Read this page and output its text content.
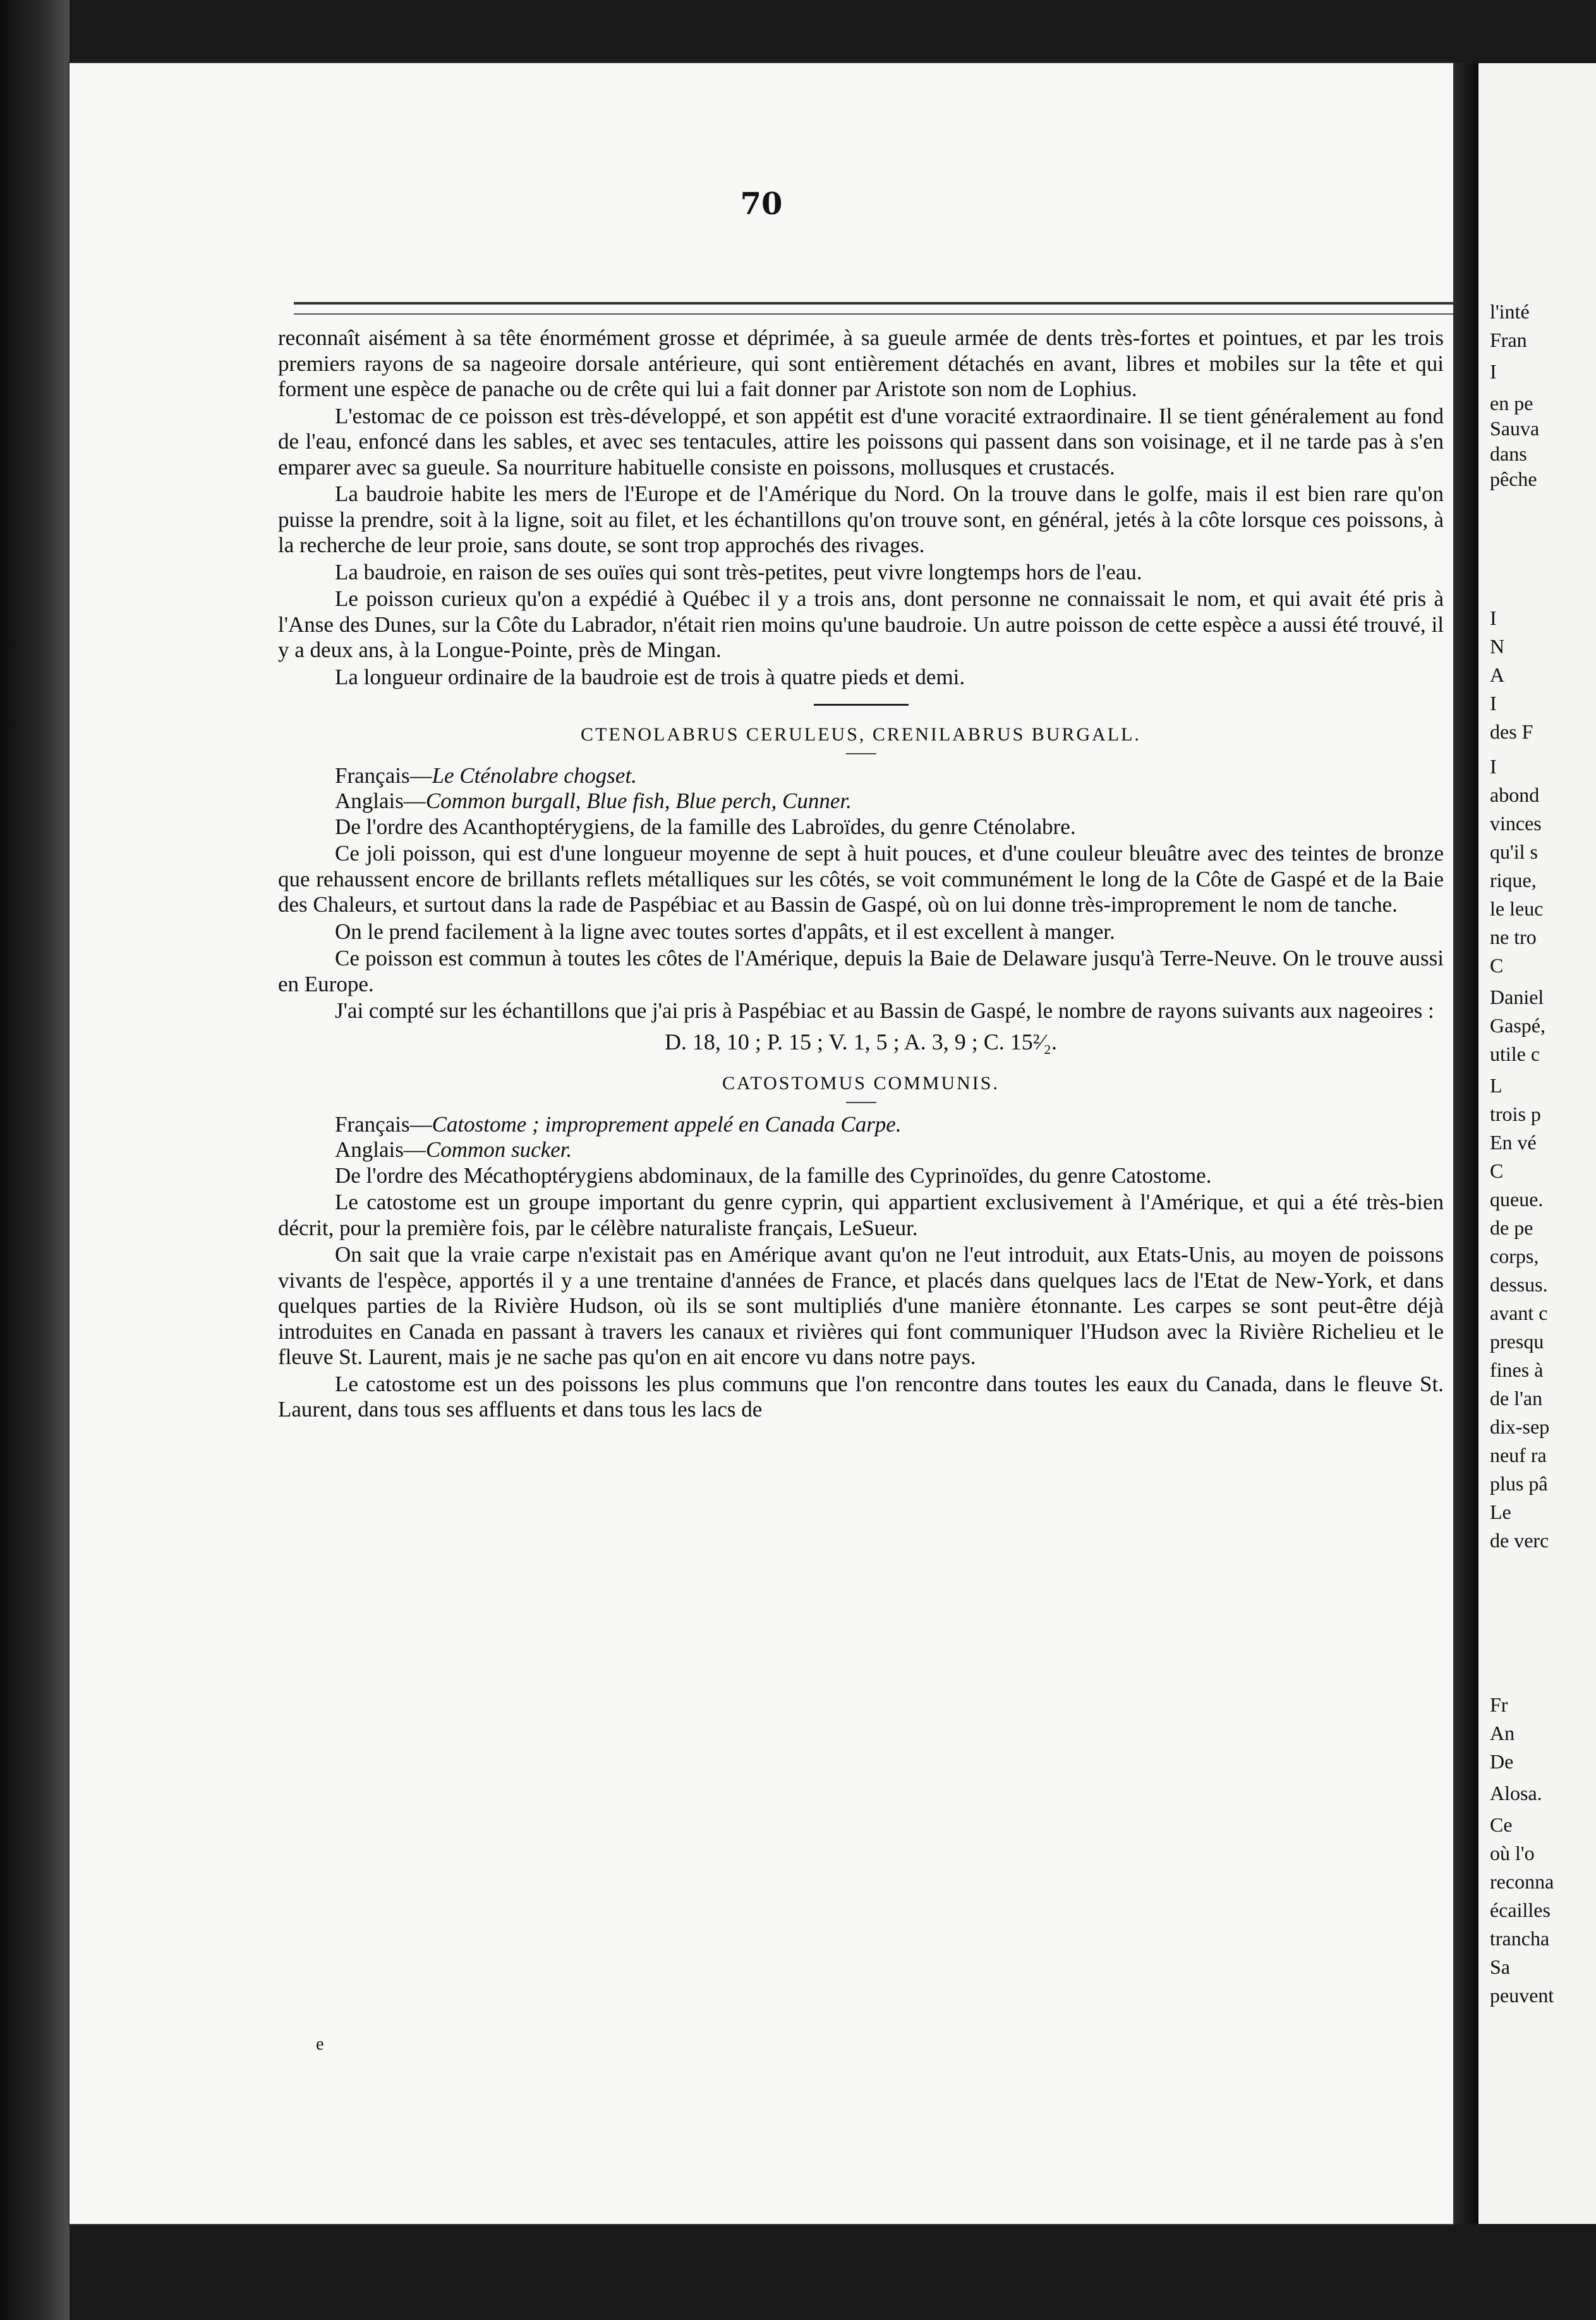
70

reconnaît aisément à sa tête énormément grosse et déprimée, à sa gueule armée de dents très-fortes et pointues, et par les trois premiers rayons de sa nageoire dorsale antérieure, qui sont entièrement détachés en avant, libres et mobiles sur la tête et qui forment une espèce de panache ou de crête qui lui a fait donner par Aristote son nom de Lophius.

L'estomac de ce poisson est très-développé, et son appétit est d'une voracité extraordinaire. Il se tient généralement au fond de l'eau, enfoncé dans les sables, et avec ses tentacules, attire les poissons qui passent dans son voisinage, et il ne tarde pas à s'en emparer avec sa gueule. Sa nourriture habituelle consiste en poissons, mollusques et crustacés.

La baudroie habite les mers de l'Europe et de l'Amérique du Nord. On la trouve dans le golfe, mais il est bien rare qu'on puisse la prendre, soit à la ligne, soit au filet, et les échantillons qu'on trouve sont, en général, jetés à la côte lorsque ces poissons, à la recherche de leur proie, sans doute, se sont trop approchés des rivages.

La baudroie, en raison de ses ouïes qui sont très-petites, peut vivre longtemps hors de l'eau.

Le poisson curieux qu'on a expédié à Québec il y a trois ans, dont personne ne connaissait le nom, et qui avait été pris à l'Anse des Dunes, sur la Côte du Labrador, n'était rien moins qu'une baudroie. Un autre poisson de cette espèce a aussi été trouvé, il y a deux ans, à la Longue-Pointe, près de Mingan.

La longueur ordinaire de la baudroie est de trois à quatre pieds et demi.

CTENOLABRUS CERULEUS, CRENILABRUS BURGALL.

Français—Le Cténolabre chogset.

Anglais—Common burgall, Blue fish, Blue perch, Cunner.

De l'ordre des Acanthoptérygiens, de la famille des Labroïdes, du genre Cténolabre.

Ce joli poisson, qui est d'une longueur moyenne de sept à huit pouces, et d'une couleur bleuâtre avec des teintes de bronze que rehaussent encore de brillants reflets métalliques sur les côtés, se voit communément le long de la Côte de Gaspé et de la Baie des Chaleurs, et surtout dans la rade de Paspébiac et au Bassin de Gaspé, où on lui donne très-improprement le nom de tanche.

On le prend facilement à la ligne avec toutes sortes d'appâts, et il est excellent à manger.

Ce poisson est commun à toutes les côtes de l'Amérique, depuis la Baie de Delaware jusqu'à Terre-Neuve. On le trouve aussi en Europe.

J'ai compté sur les échantillons que j'ai pris à Paspébiac et au Bassin de Gaspé, le nombre de rayons suivants aux nageoires :

D. 18, 10 ; P. 15 ; V. 1, 5 ; A. 3, 9 ; C. 15²⁄₂.
CATOSTOMUS COMMUNIS.

Français—Catostome ; improprement appelé en Canada Carpe.

Anglais—Common sucker.

De l'ordre des Mécathoptérygiens abdominaux, de la famille des Cyprinoïdes, du genre Catostome.

Le catostome est un groupe important du genre cyprin, qui appartient exclusivement à l'Amérique, et qui a été très-bien décrit, pour la première fois, par le célèbre naturaliste français, LeSueur.

On sait que la vraie carpe n'existait pas en Amérique avant qu'on ne l'eut introduit, aux Etats-Unis, au moyen de poissons vivants de l'espèce, apportés il y a une trentaine d'années de France, et placés dans quelques lacs de l'Etat de New-York, et dans quelques parties de la Rivière Hudson, où ils se sont multipliés d'une manière étonnante. Les carpes se sont peut-être déjà introduites en Canada en passant à travers les canaux et rivières qui font communiquer l'Hudson avec la Rivière Richelieu et le fleuve St. Laurent, mais je ne sache pas qu'on en ait encore vu dans notre pays.

Le catostome est un des poissons les plus communs que l'on rencontre dans toutes les eaux du Canada, dans le fleuve St. Laurent, dans tous ses affluents et dans tous les lacs de

e
l'inté
Fran
I
en pe
Sauva
dans
pêche
I
N
A
I
des F
I
abond
vinces
qu'il s
rique,
le leuc
ne tro
C
Daniel
Gaspé,
utile c
L
trois p
En vé
C
queue.
de pe
corps,
dessus.
avant c
presqu
fines à
de l'an
dix-sep
neuf ra
plus pâ
Le
de verc
Fr
An
De
Alosa.
Ce
où l'o
reconna
écailles
trancha
Sa
peuvent
